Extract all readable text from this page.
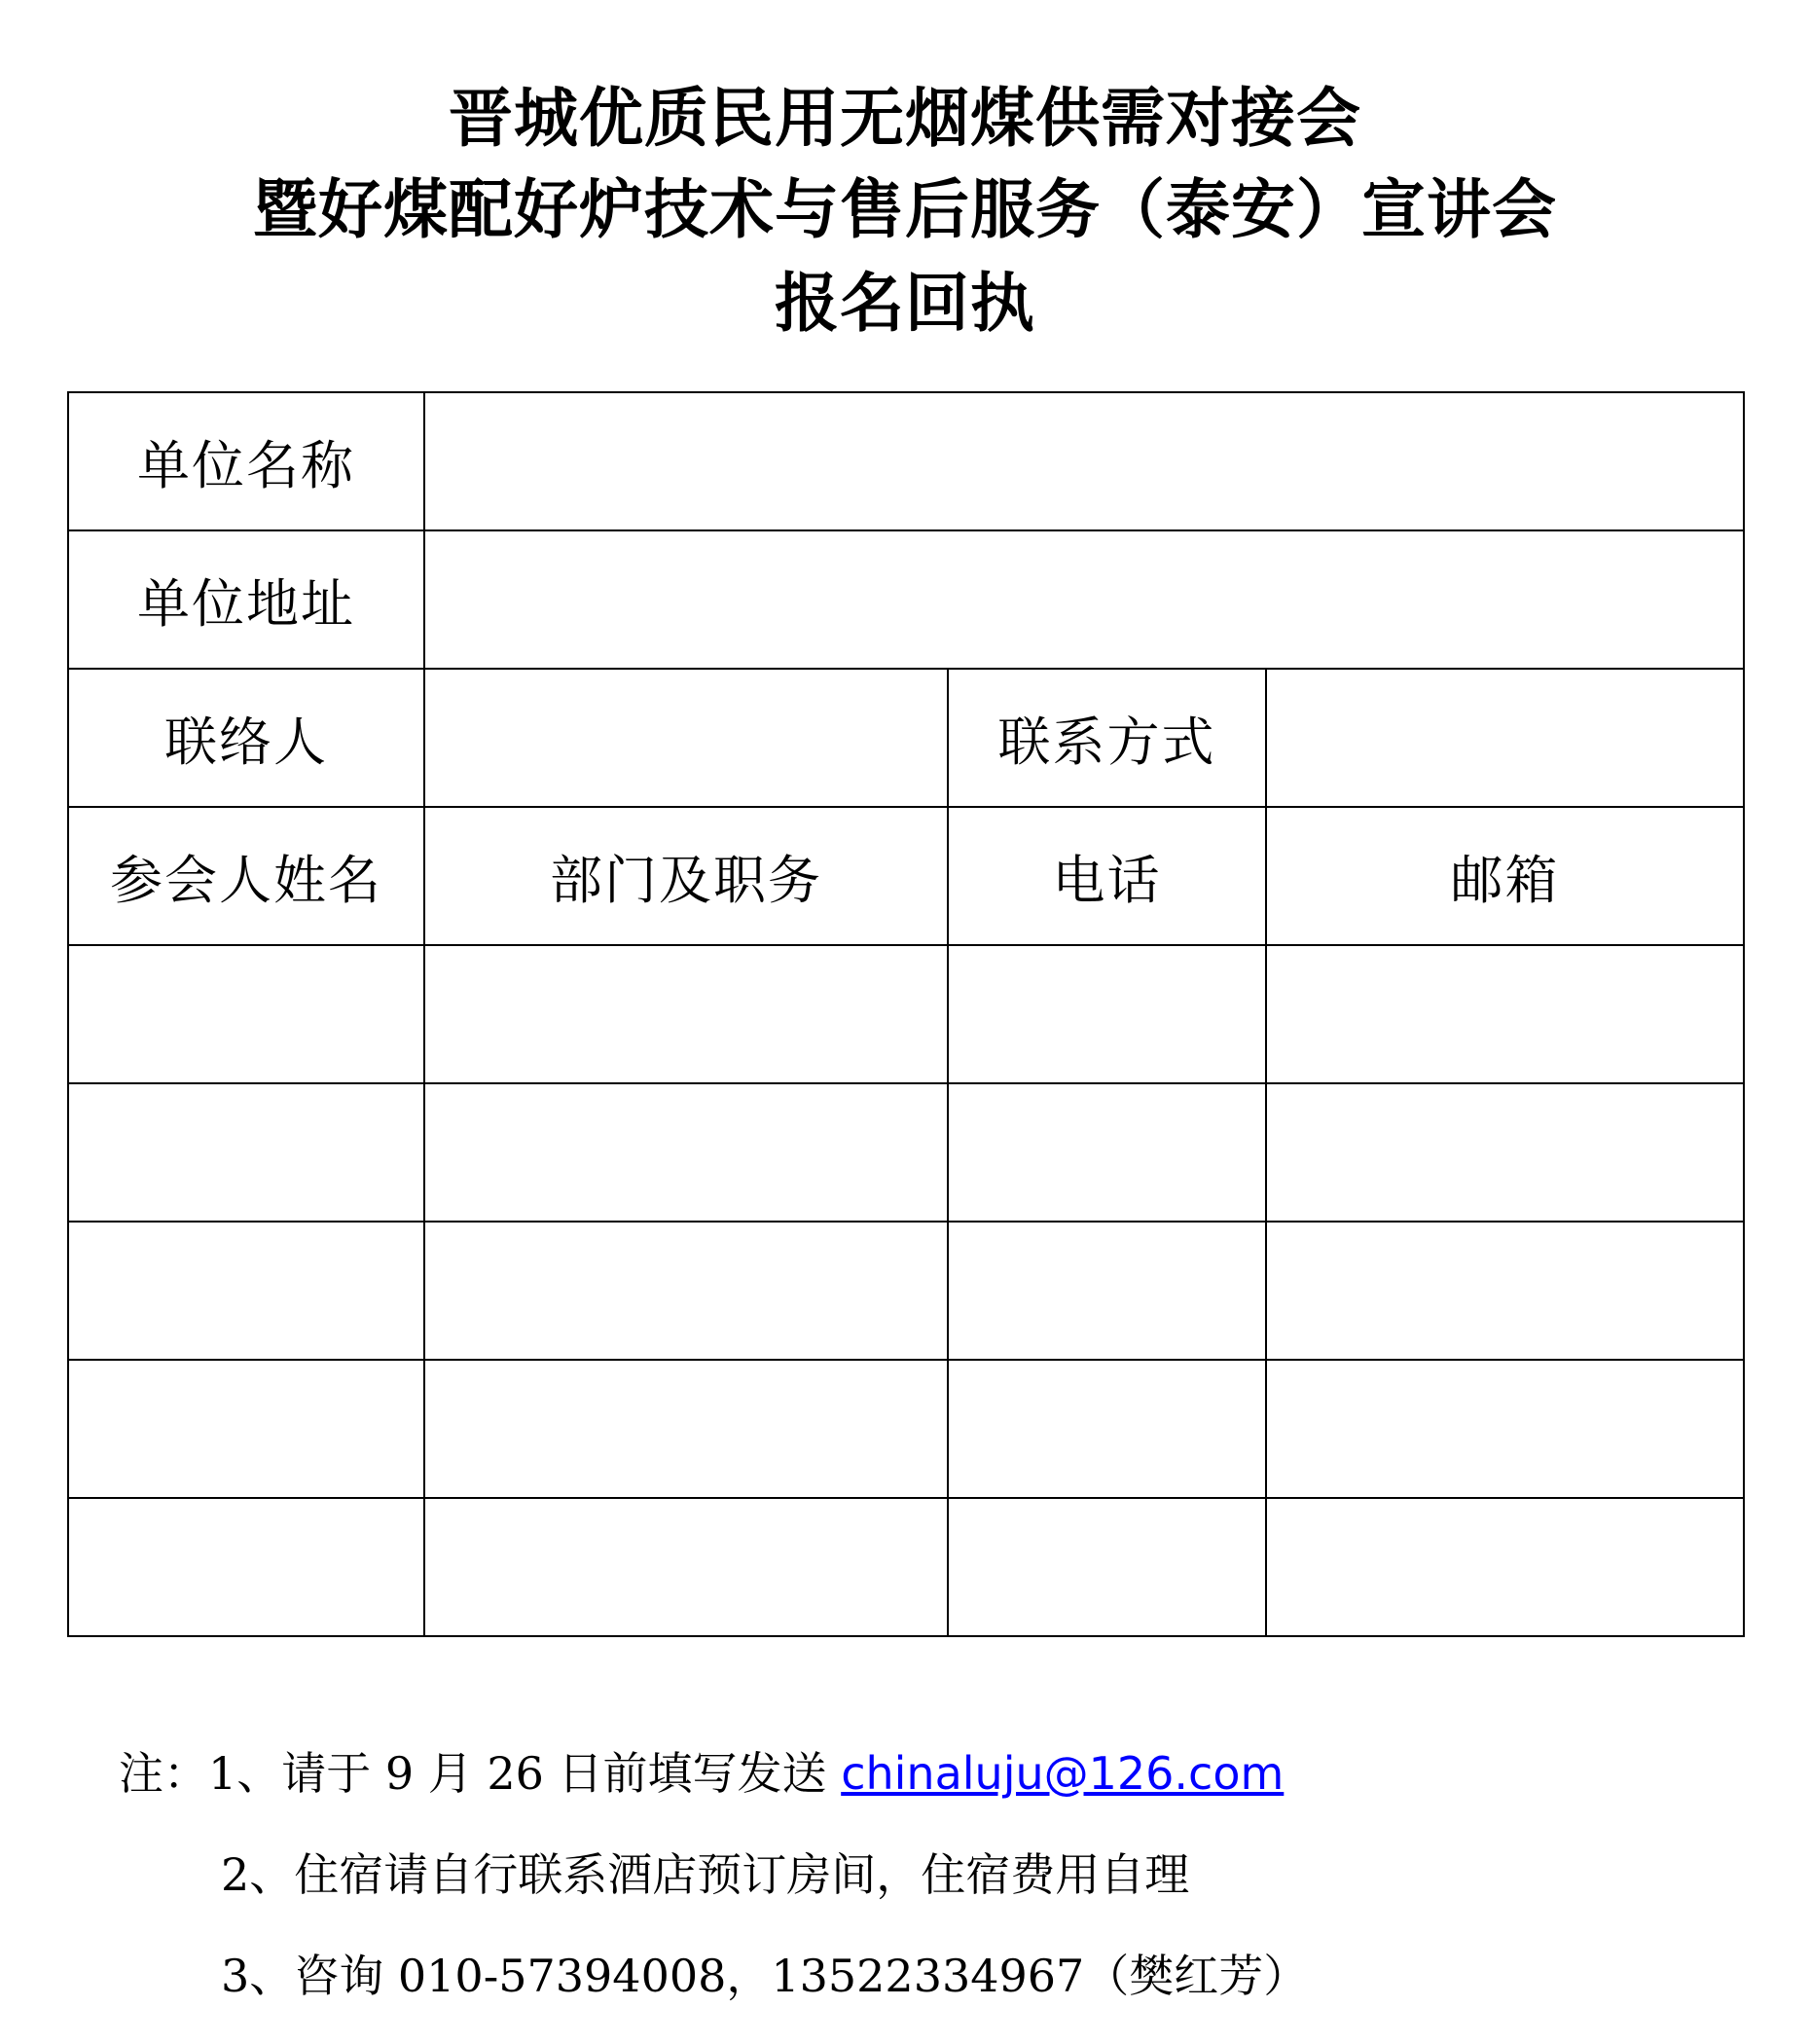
晋城优质民用无烟煤供需对接会
暨好煤配好炉技术与售后服务（泰安）宣讲会
报名回执
单位名称			
单位地址			
联络人		联系方式	
参会人姓名	部门及职务	电话	邮箱

注：1、请于 9 月 26 日前填写发送 chinaluju@126.com
2、住宿请自行联系酒店预订房间，住宿费用自理
3、咨询 010-57394008，13522334967（樊红芳）
